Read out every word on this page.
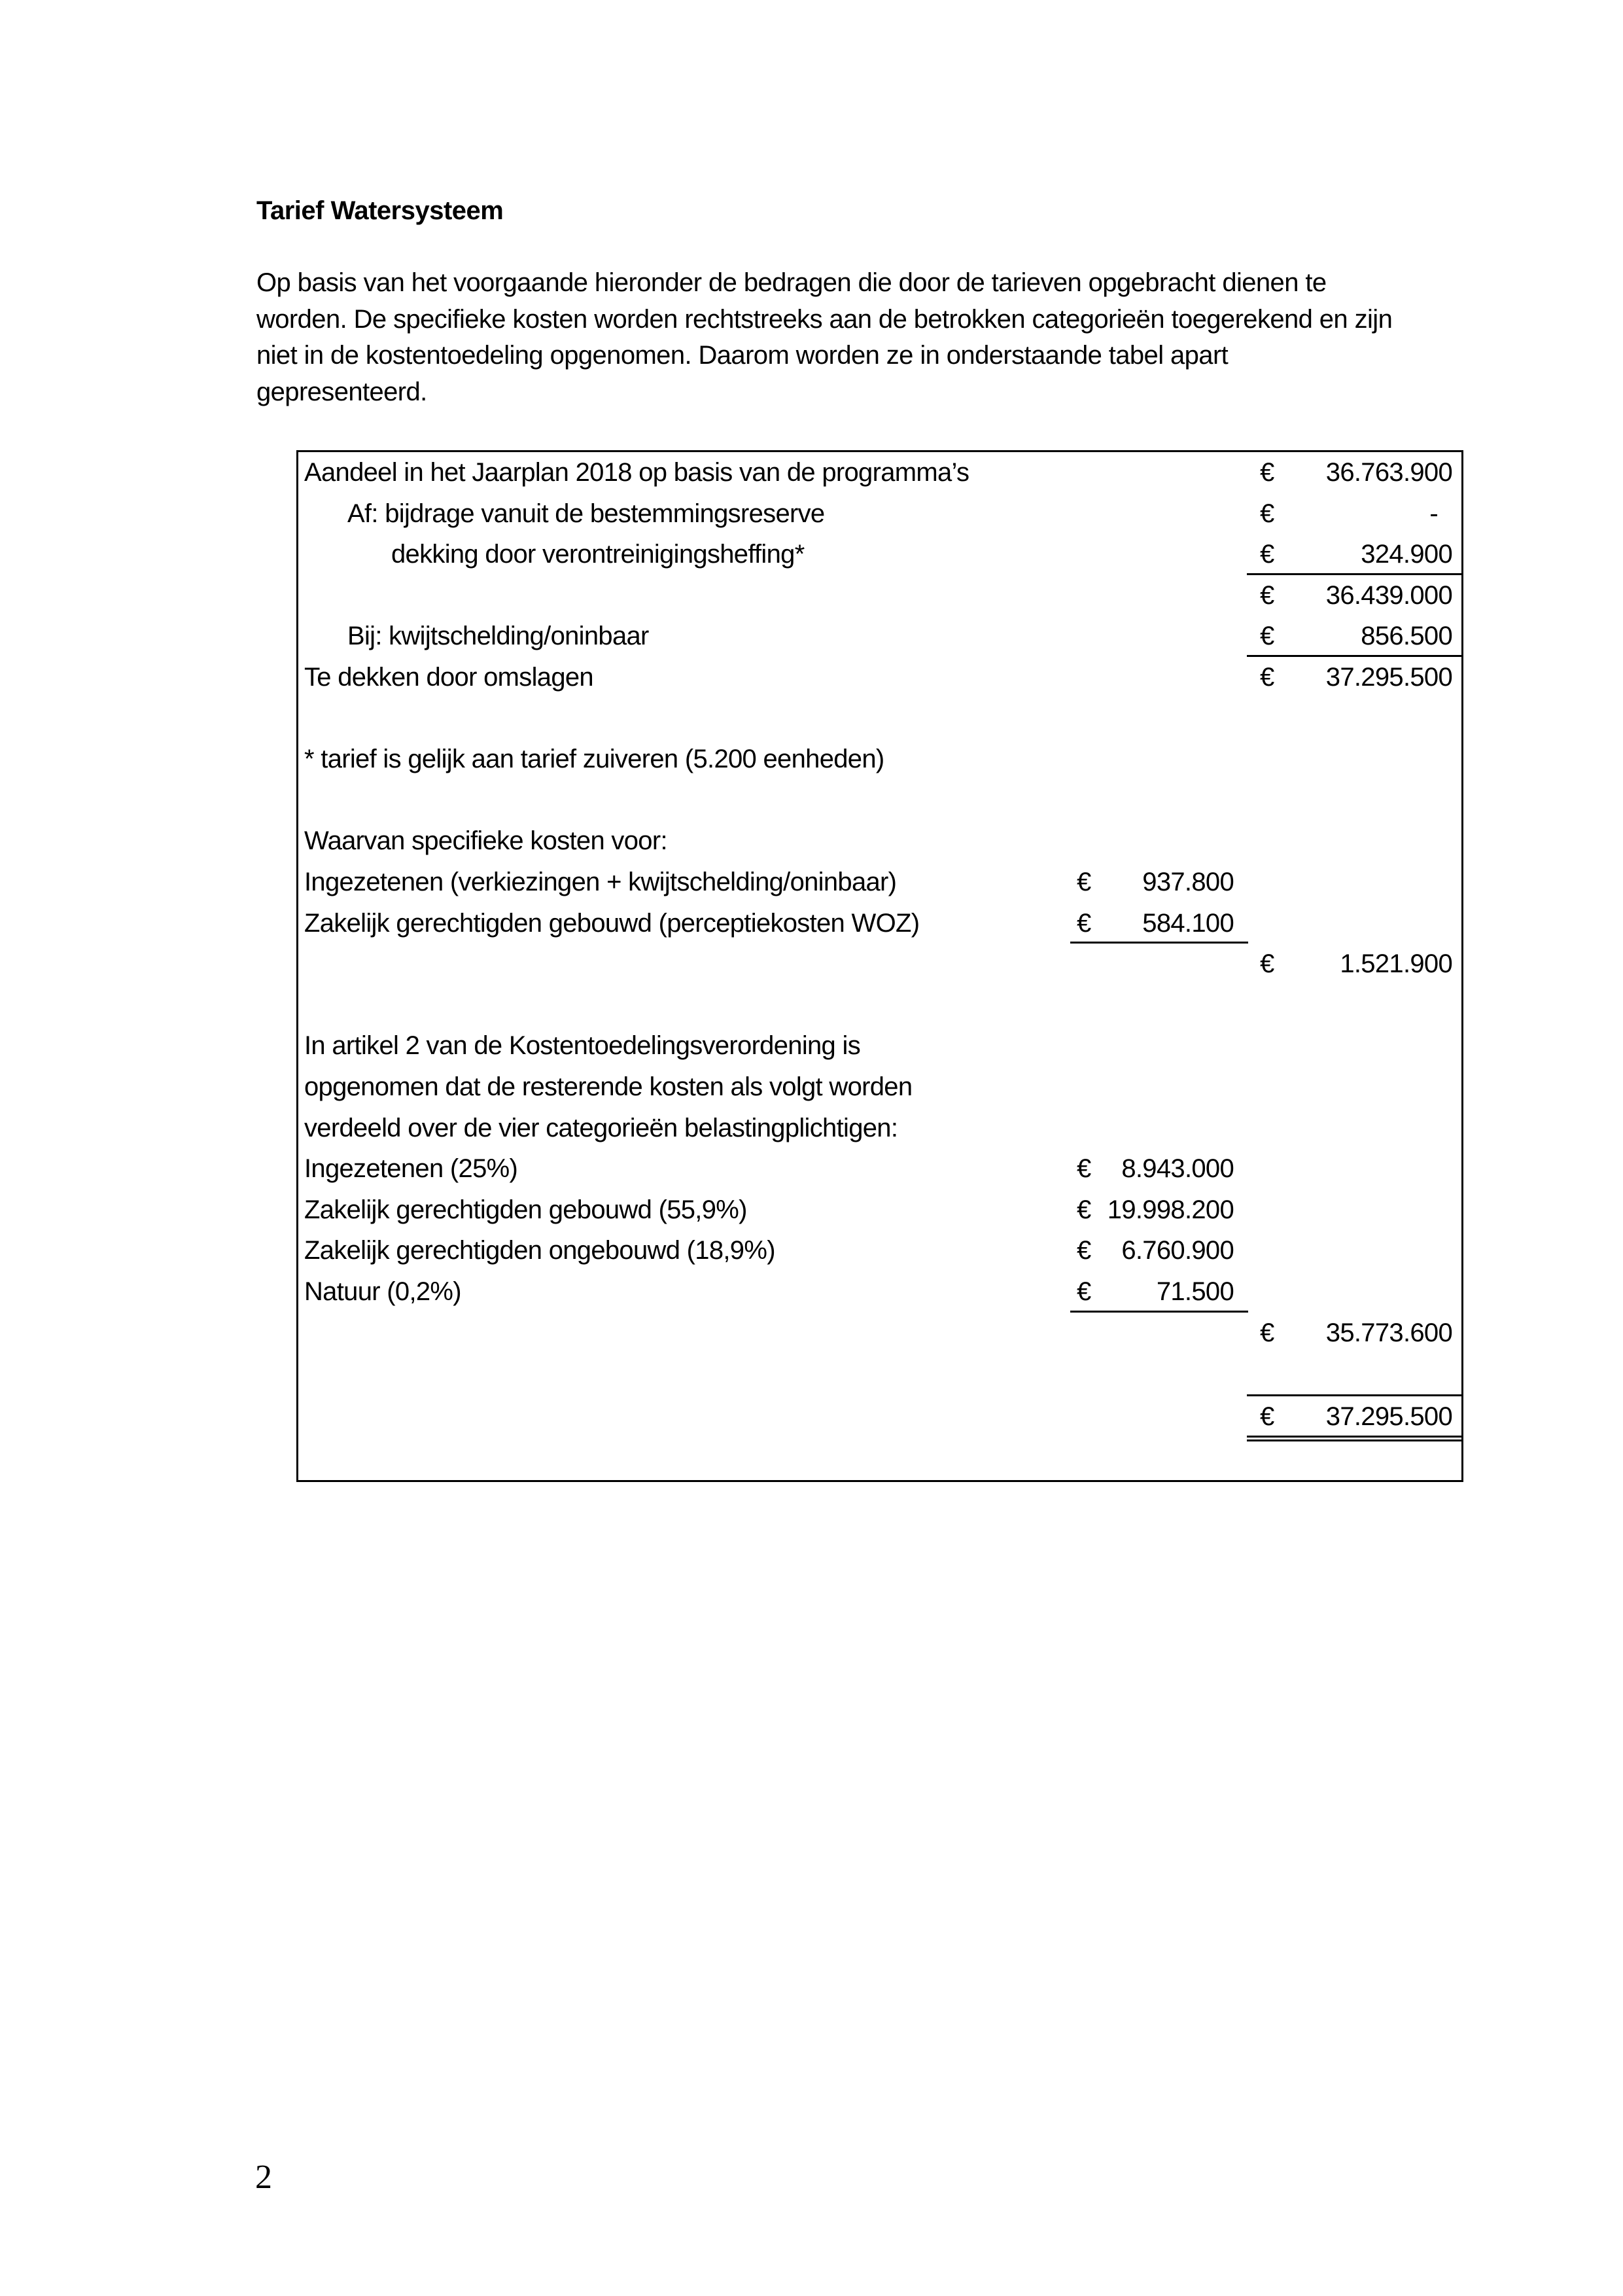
Tarief Watersysteem

Op basis van het voorgaande hieronder de bedragen die door de tarieven opgebracht dienen te

worden. De specifieke kosten worden rechtstreeks aan de betrokken categorieën toegerekend en zijn

niet in de kostentoedeling opgenomen. Daarom worden ze in onderstaande tabel apart

gepresenteerd.

Aandeel in het Jaarplan 2018 op basis van de programma’s	€ 36.763.900
Af: bijdrage vanuit de bestemmingsreserve	€	-
dekking door verontreinigingsheffing*	€	324.900
€ 36.439.000
Bij: kwijtschelding/oninbaar	€	856.500
Te dekken door omslagen	€ 37.295.500
* tarief is gelijk aan tarief zuiveren (5.200 eenheden)
Waarvan specifieke kosten voor:
Ingezetenen (verkiezingen + kwijtschelding/oninbaar)	€ 937.800
Zakelijk gerechtigden gebouwd (perceptiekosten WOZ)	€ 584.100
€	1.521.900
In artikel 2 van de Kostentoedelingsverordening is
opgenomen dat de resterende kosten als volgt worden
verdeeld over de vier categorieën belastingplichtigen:
Ingezetenen (25%)	€ 8.943.000
Zakelijk gerechtigden gebouwd (55,9%)	€ 19.998.200
Zakelijk gerechtigden ongebouwd (18,9%)	€ 6.760.900
Natuur (0,2%)	€	71.500
€ 35.773.600
€ 37.295.500
2
